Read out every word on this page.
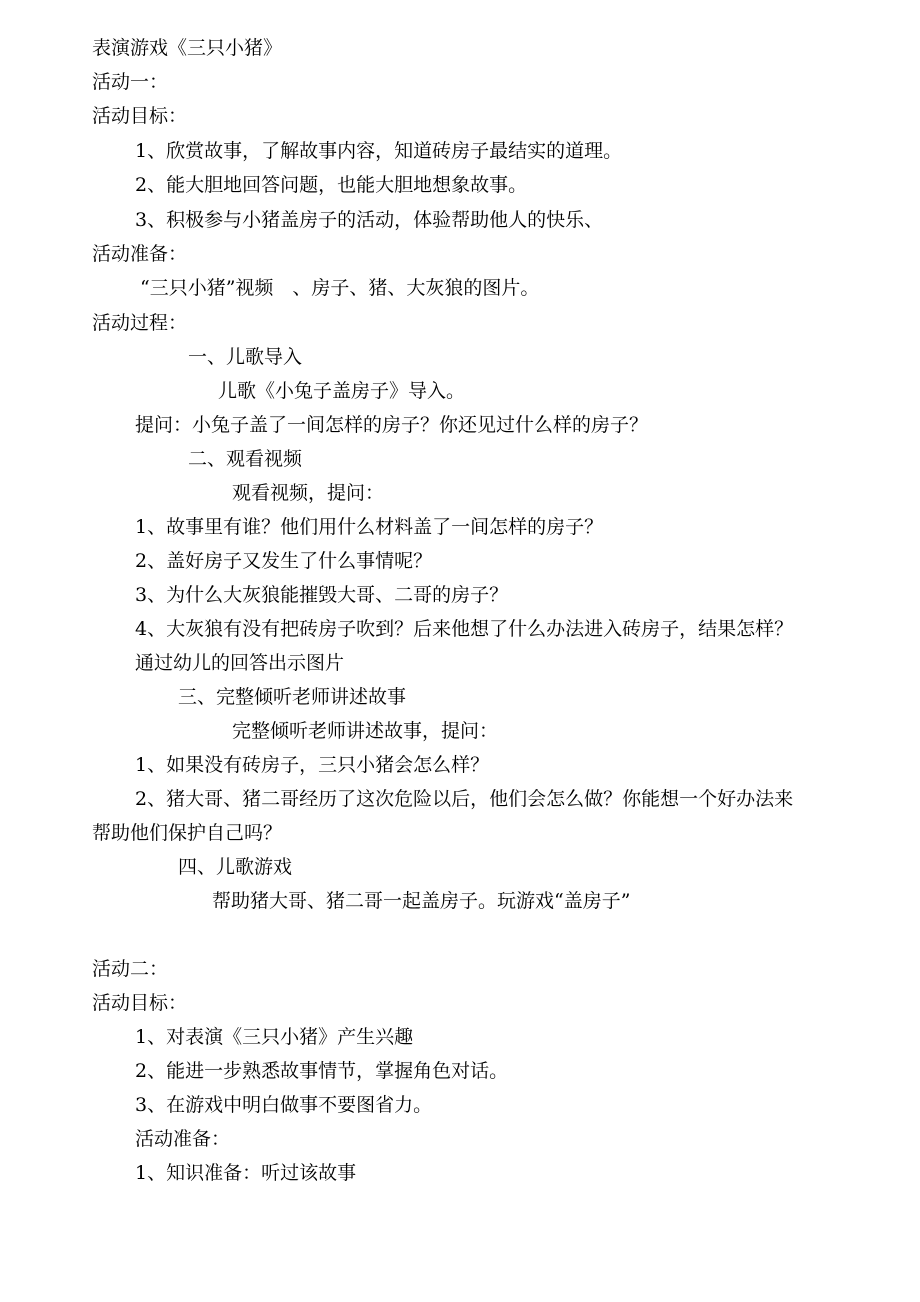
表演游戏《三只小猪》
活动一：
活动目标：
1、欣赏故事，了解故事内容，知道砖房子最结实的道理。
2、能大胆地回答问题，也能大胆地想象故事。
3、积极参与小猪盖房子的活动，体验帮助他人的快乐、
活动准备：
“三只小猪”视频　、房子、猪、大灰狼的图片。
活动过程：
一、儿歌导入
儿歌《小兔子盖房子》导入。
提问：小兔子盖了一间怎样的房子？你还见过什么样的房子？
二、观看视频
观看视频，提问：
1、故事里有谁？他们用什么材料盖了一间怎样的房子？
2、盖好房子又发生了什么事情呢？
3、为什么大灰狼能摧毁大哥、二哥的房子？
4、大灰狼有没有把砖房子吹到？后来他想了什么办法进入砖房子，结果怎样？
通过幼儿的回答出示图片
三、完整倾听老师讲述故事
完整倾听老师讲述故事，提问：
1、如果没有砖房子，三只小猪会怎么样？
2、猪大哥、猪二哥经历了这次危险以后，他们会怎么做？你能想一个好办法来
帮助他们保护自己吗？
四、儿歌游戏
帮助猪大哥、猪二哥一起盖房子。玩游戏“盖房子”
活动二：
活动目标：
1、对表演《三只小猪》产生兴趣
2、能进一步熟悉故事情节，掌握角色对话。
3、在游戏中明白做事不要图省力。
活动准备：
1、知识准备：听过该故事
